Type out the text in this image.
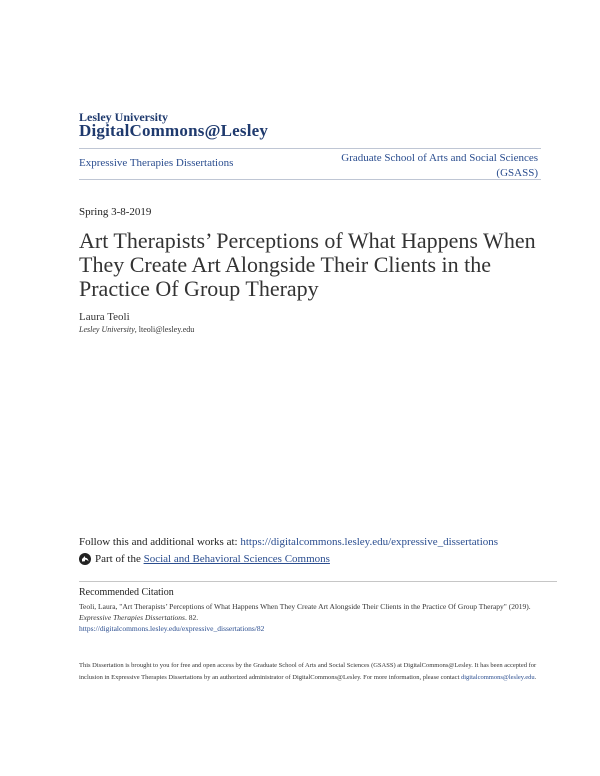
Lesley University
DigitalCommons@Lesley
Expressive Therapies Dissertations	Graduate School of Arts and Social Sciences (GSASS)
Spring 3-8-2019
Art Therapists’ Perceptions of What Happens When They Create Art Alongside Their Clients in the Practice Of Group Therapy
Laura Teoli
Lesley University, lteoli@lesley.edu
Follow this and additional works at: https://digitalcommons.lesley.edu/expressive_dissertations
Part of the
Social and Behavioral Sciences Commons
Recommended Citation
Teoli, Laura, "Art Therapists’ Perceptions of What Happens When They Create Art Alongside Their Clients in the Practice Of Group Therapy" (2019). Expressive Therapies Dissertations. 82.
https://digitalcommons.lesley.edu/expressive_dissertations/82
This Dissertation is brought to you for free and open access by the Graduate School of Arts and Social Sciences (GSASS) at DigitalCommons@Lesley. It has been accepted for inclusion in Expressive Therapies Dissertations by an authorized administrator of DigitalCommons@Lesley. For more information, please contact digitalcommons@lesley.edu.
